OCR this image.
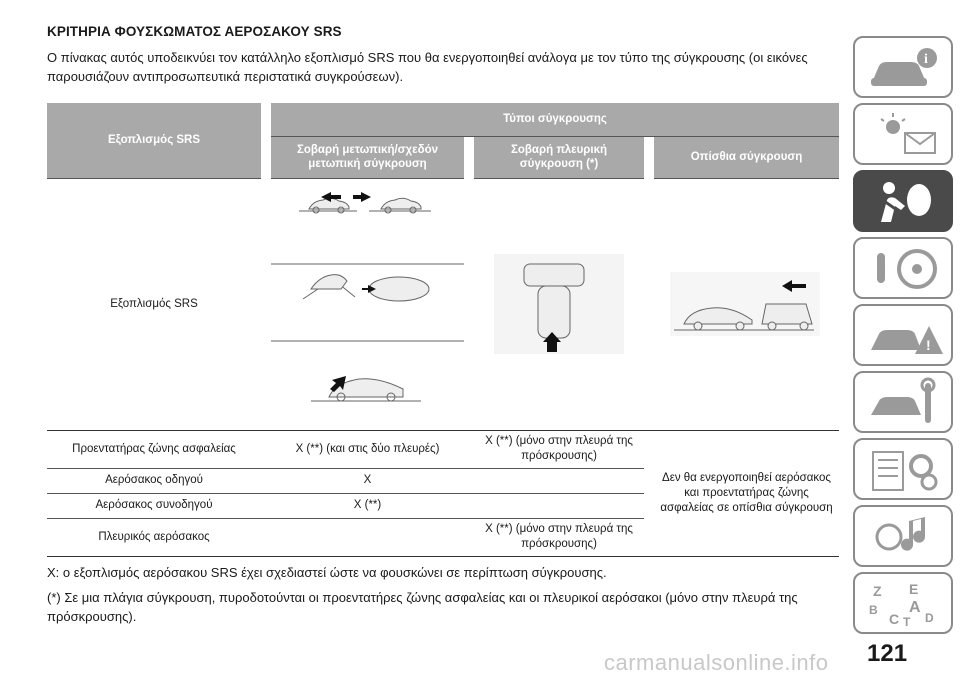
ΚΡΙΤΗΡΙΑ ΦΟΥΣΚΩΜΑΤΟΣ ΑΕΡΟΣΑΚΟΥ SRS

Ο πίνακας αυτός υποδεικνύει τον κατάλληλο εξοπλισμό SRS που θα ενεργοποιηθεί ανάλογα με τον τύπο της σύγκρουσης (οι εικόνες παρουσιάζουν αντιπροσωπευτικά περιστατικά συγκρούσεων).

Εξοπλισμός SRS		Τύποι σύγκρουσης				
		Σοβαρή μετωπική/σχεδόν μετωπική σύγκρουση		Σοβαρή πλευρική σύγκρουση (*)		Οπίσθια σύγκρουση
Εξοπλισμός SRS		

Προεντατήρας ζώνης ασφαλείας		X (**) (και στις δύο πλευρές)		X (**) (μόνο στην πλευρά της πρόσκρουσης)		Δεν θα ενεργοποιηθεί αερόσακος και προεντατήρας ζώνης ασφαλείας σε οπίσθια σύγκρουση
Αερόσακος οδηγού		X				
Αερόσακος συνοδηγού		X (**)				
Πλευρικός αερόσακος				X (**) (μόνο στην πλευρά της πρόσκρουσης)		

X: ο εξοπλισμός αερόσακου SRS έχει σχεδιαστεί ώστε να φουσκώνει σε περίπτωση σύγκρουσης.

(*) Σε μια πλάγια σύγκρουση, πυροδοτούνται οι προεντατήρες ζώνης ασφαλείας και οι πλευρικοί αερόσακοι (μόνο στην πλευρά της πρόσκρουσης).

i
!
Z E
B A
C T D
121
carmanualsonline.info
